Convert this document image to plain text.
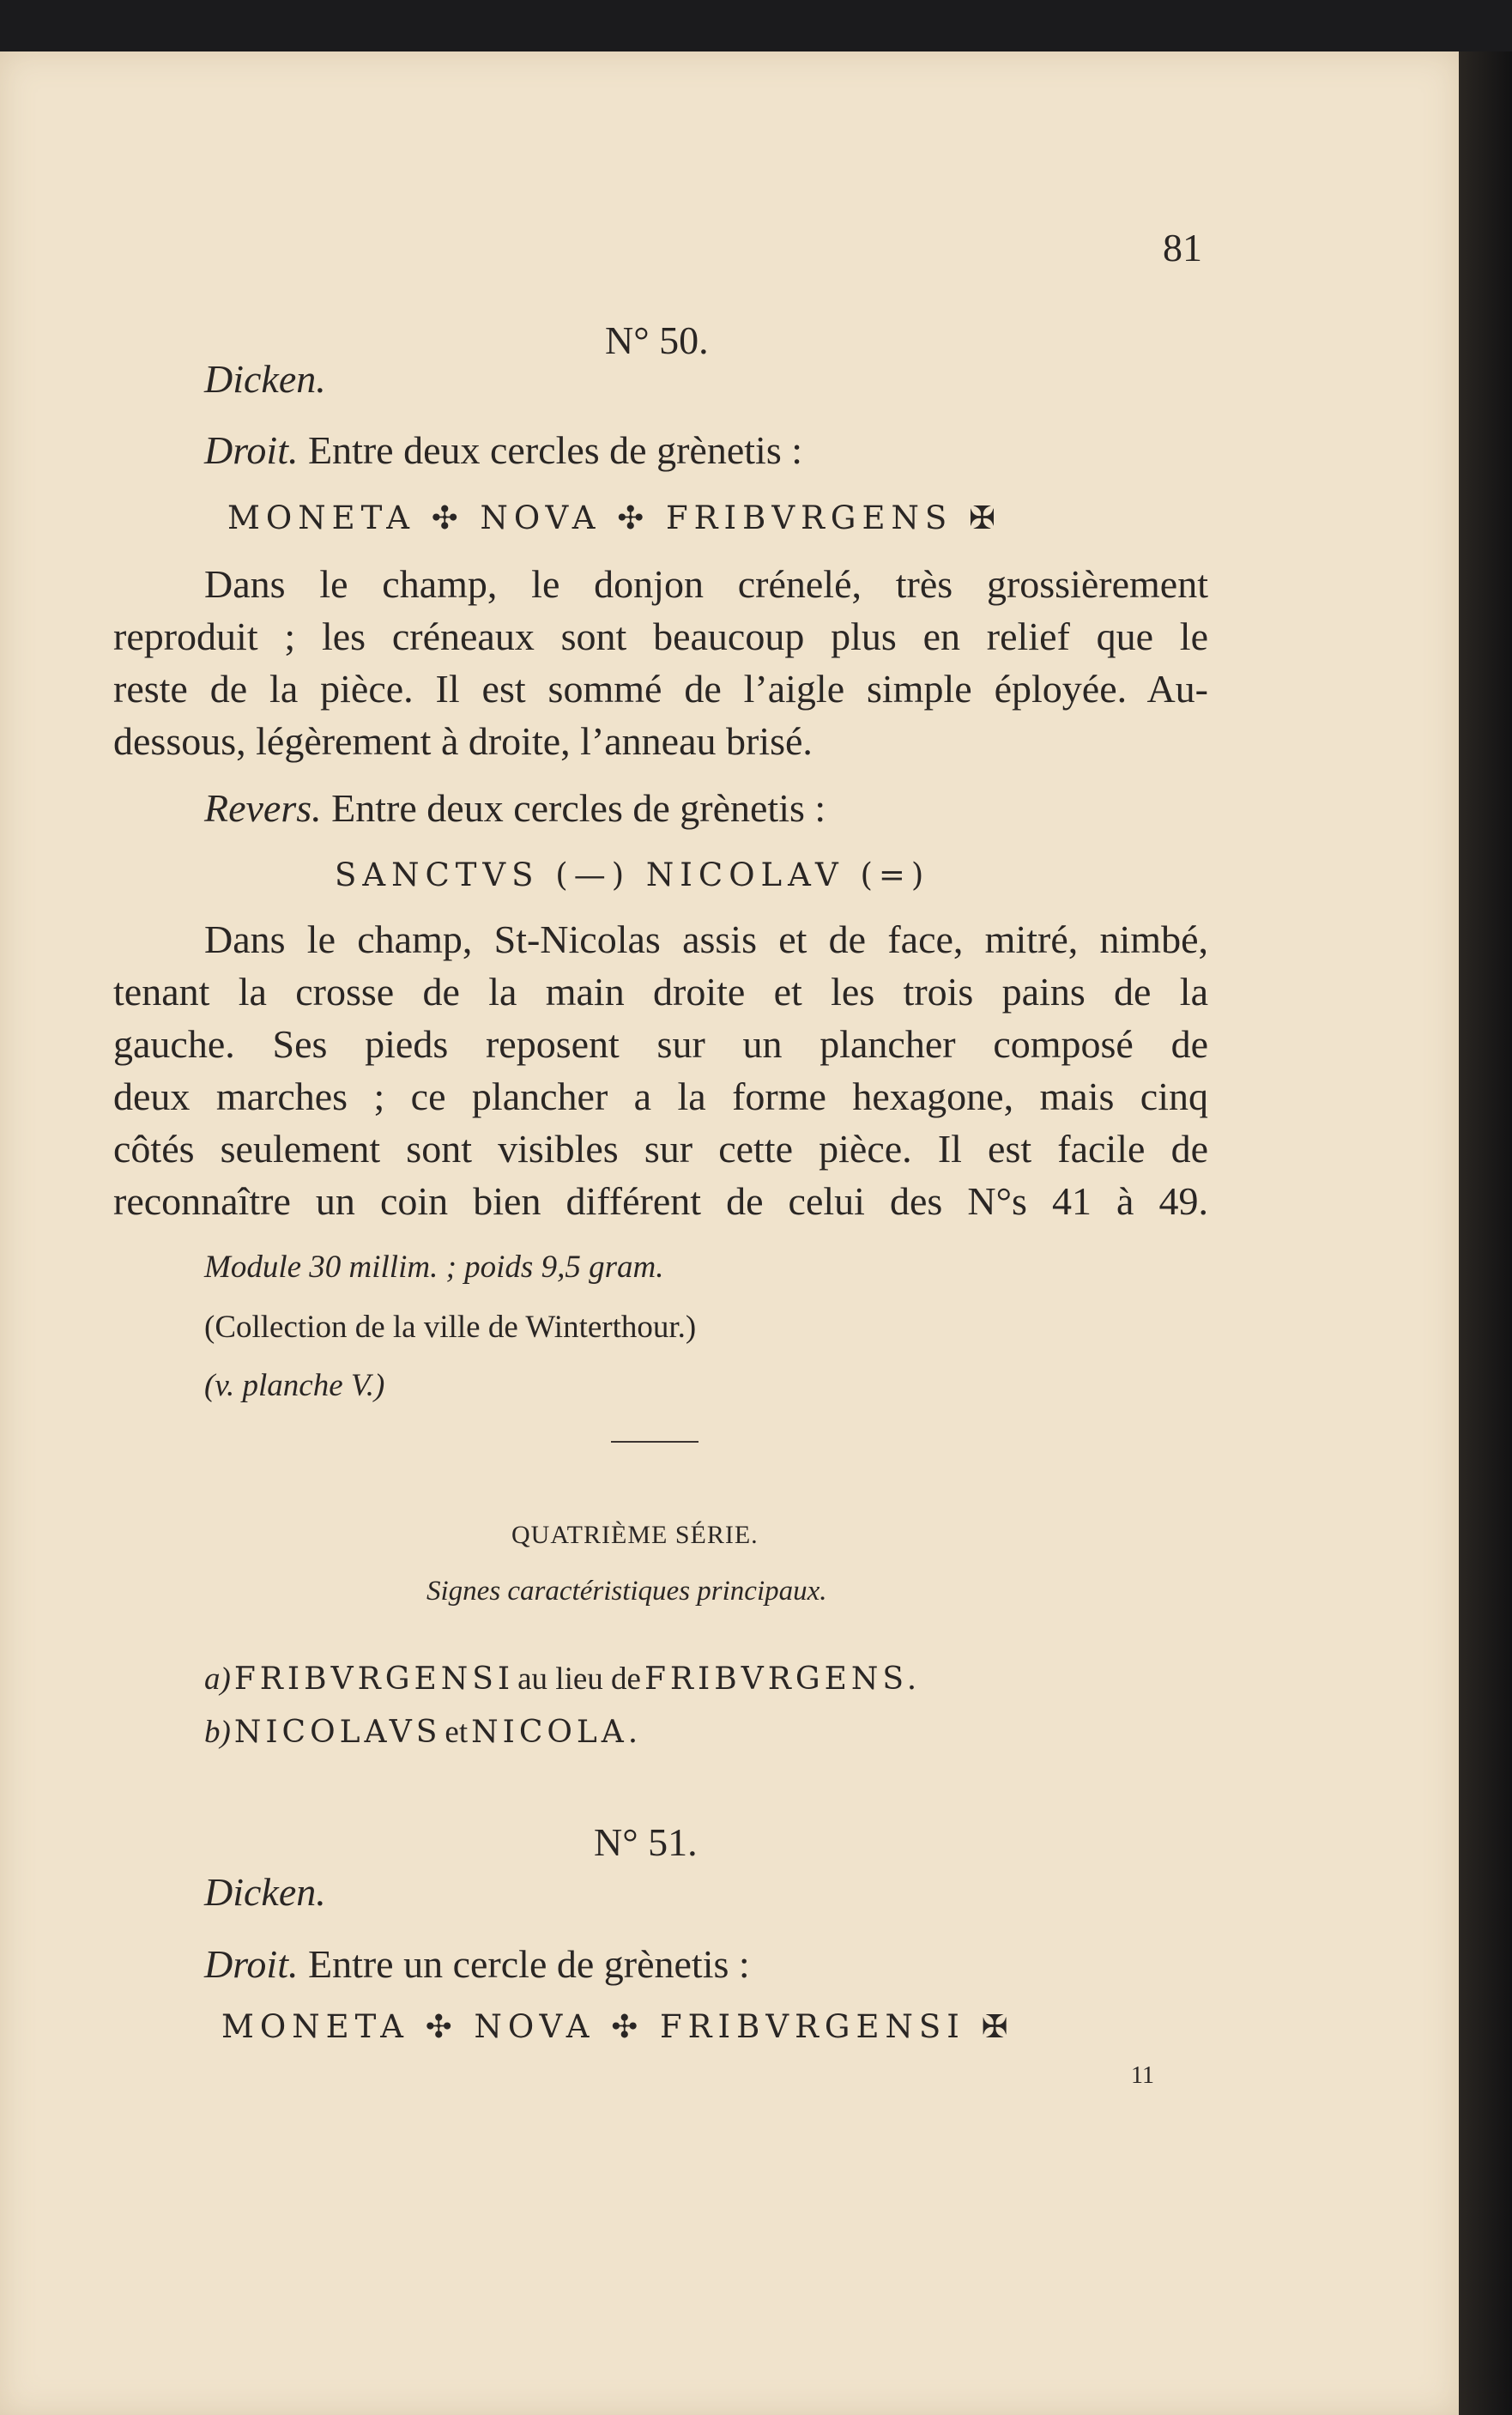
81
N° 50.
Dicken.
Droit. Entre deux cercles de grènetis :
MONETA ✣ NOVA ✣ FRIBVRGENS ✠
Dans le champ, le donjon crénelé, très grossièrement
reproduit ; les créneaux sont beaucoup plus en relief que le
reste de la pièce. Il est sommé de l’aigle simple éployée. Au-
dessous, légèrement à droite, l’anneau brisé.
Revers. Entre deux cercles de grènetis :
SANCTVS (—) NICOLAV (=)
Dans le champ, St-Nicolas assis et de face, mitré, nimbé,
tenant la crosse de la main droite et les trois pains de la
gauche. Ses pieds reposent sur un plancher composé de
deux marches ; ce plancher a la forme hexagone, mais cinq
côtés seulement sont visibles sur cette pièce. Il est facile de
reconnaître un coin bien différent de celui des N°s 41 à 49.
Module 30 millim. ; poids 9,5 gram.
(Collection de la ville de Winterthour.)
(v. planche V.)
QUATRIÈME SÉRIE.
Signes caractéristiques principaux.
a) FRIBVRGENSI au lieu de FRIBVRGENS.
b) NICOLAVS et NICOLA.
N° 51.
Dicken.
Droit. Entre un cercle de grènetis :
MONETA ✣ NOVA ✣ FRIBVRGENSI ✠
11
